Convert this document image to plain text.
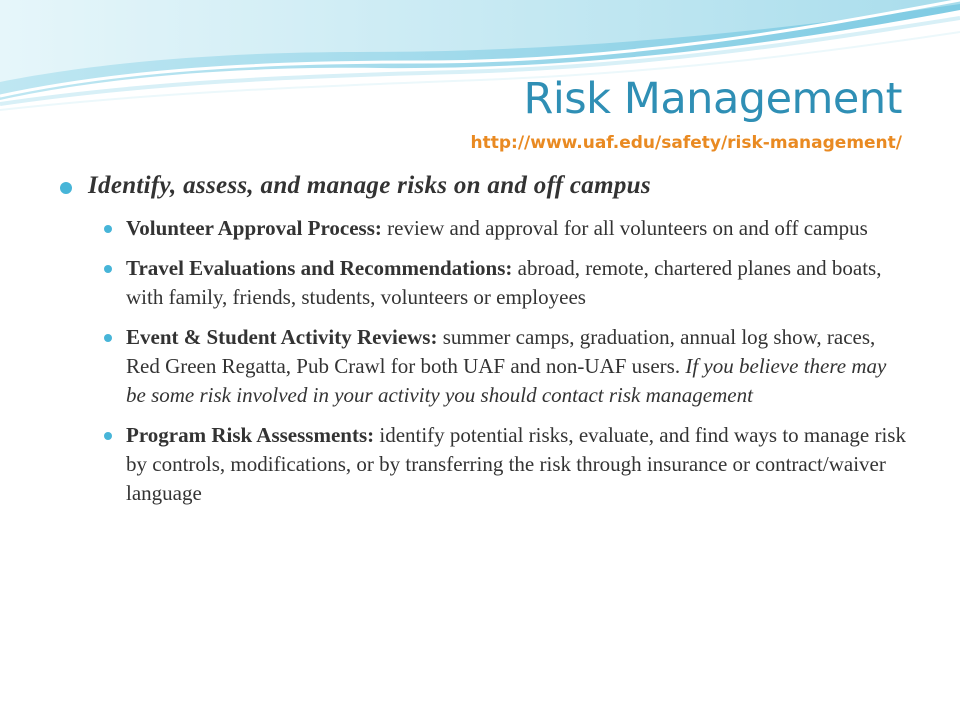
Risk Management
http://www.uaf.edu/safety/risk-management/
Identify, assess, and manage risks on and off campus
Volunteer Approval Process: review and approval for all volunteers on and off campus
Travel Evaluations and Recommendations: abroad, remote, chartered planes and boats, with family, friends, students, volunteers or employees
Event & Student Activity Reviews: summer camps, graduation, annual log show, races, Red Green Regatta, Pub Crawl for both UAF and non-UAF users. If you believe there may be some risk involved in your activity you should contact risk management
Program Risk Assessments: identify potential risks, evaluate, and find ways to manage risk by controls, modifications, or by transferring the risk through insurance or contract/waiver language
